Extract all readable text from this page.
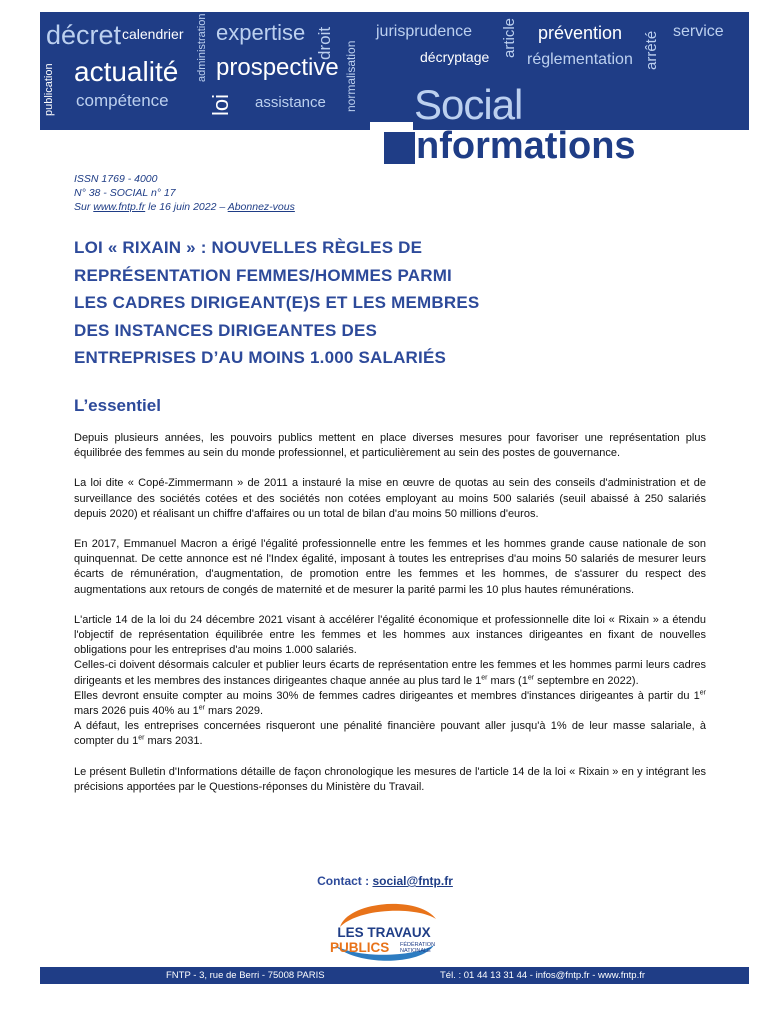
décret calendrier administration expertise droit normalisation
jurisprudence article prévention arrêté service
publication actualité prospective	décryptage réglementation
compétence loi assistance Social
nformations
ISSN 1769 - 4000
N° 38 - SOCIAL n° 17
Sur www.fntp.fr le 16 juin 2022 – Abonnez-vous
LOI « RIXAIN » : NOUVELLES RÈGLES DE
REPRÉSENTATION FEMMES/HOMMES PARMI
LES CADRES DIRIGEANT(E)S ET LES MEMBRES
DES INSTANCES DIRIGEANTES DES
ENTREPRISES D’AU MOINS 1.000 SALARIÉS
L’essentiel

Depuis plusieurs années, les pouvoirs publics mettent en place diverses mesures pour favoriser une représentation plus équilibrée des femmes au sein du monde professionnel, et particulièrement au sein des postes de gouvernance.

La loi dite « Copé-Zimmermann » de 2011 a instauré la mise en œuvre de quotas au sein des conseils d'administration et de surveillance des sociétés cotées et des sociétés non cotées employant au moins 500 salariés (seuil abaissé à 250 salariés depuis 2020) et réalisant un chiffre d'affaires ou un total de bilan d'au moins 50 millions d'euros.

En 2017, Emmanuel Macron a érigé l'égalité professionnelle entre les femmes et les hommes grande cause nationale de son quinquennat. De cette annonce est né l'Index égalité, imposant à toutes les entreprises d'au moins 50 salariés de mesurer leurs écarts de rémunération, d'augmentation, de promotion entre les femmes et les hommes, de s'assurer du respect des augmentations aux retours de congés de maternité et de mesurer la parité parmi les 10 plus hautes rémunérations.

L'article 14 de la loi du 24 décembre 2021 visant à accélérer l'égalité économique et professionnelle dite loi « Rixain » a étendu l'objectif de représentation équilibrée entre les femmes et les hommes aux instances dirigeantes en fixant de nouvelles obligations pour les entreprises d'au moins 1.000 salariés.

Celles-ci doivent désormais calculer et publier leurs écarts de représentation entre les femmes et les hommes parmi leurs cadres dirigeants et les membres des instances dirigeantes chaque année au plus tard le 1er mars (1er septembre en 2022).

Elles devront ensuite compter au moins 30% de femmes cadres dirigeantes et membres d'instances dirigeantes à partir du 1er mars 2026 puis 40% au 1er mars 2029.

A défaut, les entreprises concernées risqueront une pénalité financière pouvant aller jusqu'à 1% de leur masse salariale, à compter du 1er mars 2031.

Le présent Bulletin d'Informations détaille de façon chronologique les mesures de l'article 14 de la loi « Rixain » en y intégrant les précisions apportées par le Questions-réponses du Ministère du Travail.

Contact : social@fntp.fr
LES TRAVAUX
PUBLICS FÉDÉRATION
NATIONALE
FNTP - 3, rue de Berri - 75008 PARIS	Tél. : 01 44 13 31 44 - infos@fntp.fr - www.fntp.fr
